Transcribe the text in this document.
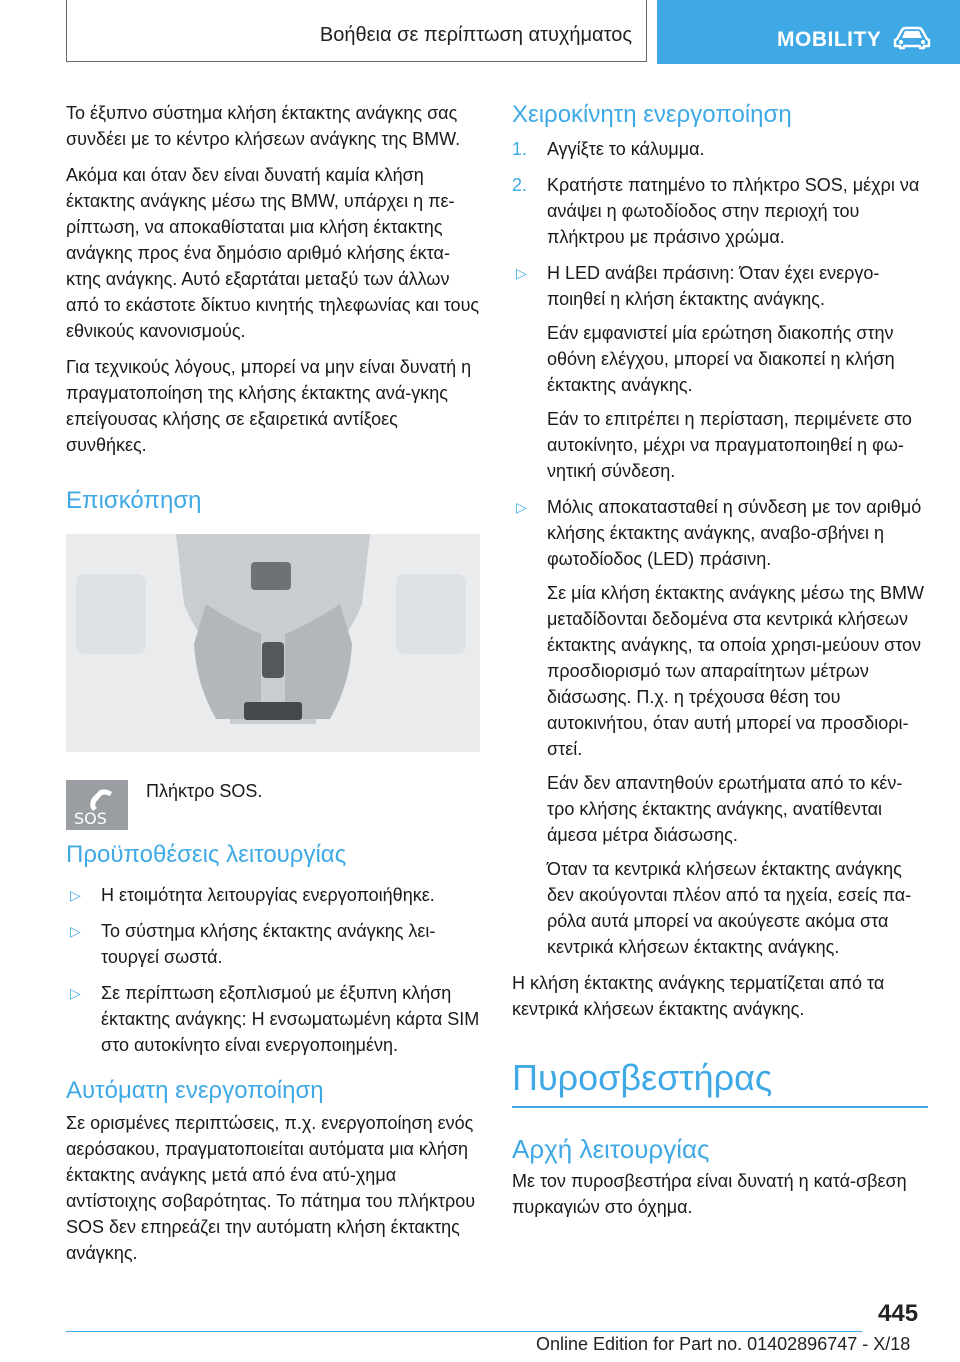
Βοήθεια σε περίπτωση ατυχήματος	MOBILITY

Το έξυπνο σύστημα κλήση έκτακτης ανάγκης σας συνδέει με το κέντρο κλήσεων ανάγκης της BMW.

Ακόμα και όταν δεν είναι δυνατή καμία κλήση έκτακτης ανάγκης μέσω της BMW, υπάρχει η πε-ρίπτωση, να αποκαθίσταται μια κλήση έκτακτης ανάγκης προς ένα δημόσιο αριθμό κλήσης έκτα-κτης ανάγκης. Αυτό εξαρτάται μεταξύ των άλλων από το εκάστοτε δίκτυο κινητής τηλεφωνίας και τους εθνικούς κανονισμούς.

Για τεχνικούς λόγους, μπορεί να μην είναι δυνατή η πραγματοποίηση της κλήσης έκτακτης ανά-γκης επείγουσας κλήσης σε εξαιρετικά αντίξοες συνθήκες.

Επισκόπηση
SOS
Πλήκτρο SOS.
Προϋποθέσεις λειτουργίας
▷ Η ετοιμότητα λειτουργίας ενεργοποιήθηκε.
▷ Το σύστημα κλήσης έκτακτης ανάγκης λει-τουργεί σωστά.
▷ Σε περίπτωση εξοπλισμού με έξυπνη κλήση έκτακτης ανάγκης: Η ενσωματωμένη κάρτα SIM στο αυτοκίνητο είναι ενεργοποιημένη.
Αυτόματη ενεργοποίηση

Σε ορισμένες περιπτώσεις, π.χ. ενεργοποίηση ενός αερόσακου, πραγματοποιείται αυτόματα μια κλήση έκτακτης ανάγκης μετά από ένα ατύ-χημα αντίστοιχης σοβαρότητας. Το πάτημα του πλήκτρου SOS δεν επηρεάζει την αυτόματη κλήση έκτακτης ανάγκης.

Χειροκίνητη ενεργοποίηση
1. Αγγίξτε το κάλυμμα.
2. Κρατήστε πατημένο το πλήκτρο SOS, μέχρι να ανάψει η φωτοδίοδος στην περιοχή του πλήκτρου με πράσινο χρώμα.
▷ Η LED ανάβει πράσινη: Όταν έχει ενεργο-ποιηθεί η κλήση έκτακτης ανάγκης.

Εάν εμφανιστεί μία ερώτηση διακοπής στην οθόνη ελέγχου, μπορεί να διακοπεί η κλήση έκτακτης ανάγκης.

Εάν το επιτρέπει η περίσταση, περιμένετε στο αυτοκίνητο, μέχρι να πραγματοποιηθεί η φω-νητική σύνδεση.

▷ Μόλις αποκατασταθεί η σύνδεση με τον αριθμό κλήσης έκτακτης ανάγκης, αναβο-σβήνει η φωτοδίοδος (LED) πράσινη.

Σε μία κλήση έκτακτης ανάγκης μέσω της BMW μεταδίδονται δεδομένα στα κεντρικά κλήσεων έκτακτης ανάγκης, τα οποία χρησι-μεύουν στον προσδιορισμό των απαραίτητων μέτρων διάσωσης. Π.χ. η τρέχουσα θέση του αυτοκινήτου, όταν αυτή μπορεί να προσδιορι-στεί.

Εάν δεν απαντηθούν ερωτήματα από το κέν-τρο κλήσης έκτακτης ανάγκης, ανατίθενται άμεσα μέτρα διάσωσης.

Όταν τα κεντρικά κλήσεων έκτακτης ανάγκης δεν ακούγονται πλέον από τα ηχεία, εσείς πα-ρόλα αυτά μπορεί να ακούγεστε ακόμα στα κεντρικά κλήσεων έκτακτης ανάγκης.

Η κλήση έκτακτης ανάγκης τερματίζεται από τα κεντρικά κλήσεων έκτακτης ανάγκης.

Πυροσβεστήρας
Αρχή λειτουργίας

Με τον πυροσβεστήρα είναι δυνατή η κατά-σβεση πυρκαγιών στο όχημα.

445
Online Edition for Part no. 01402896747 - X/18
